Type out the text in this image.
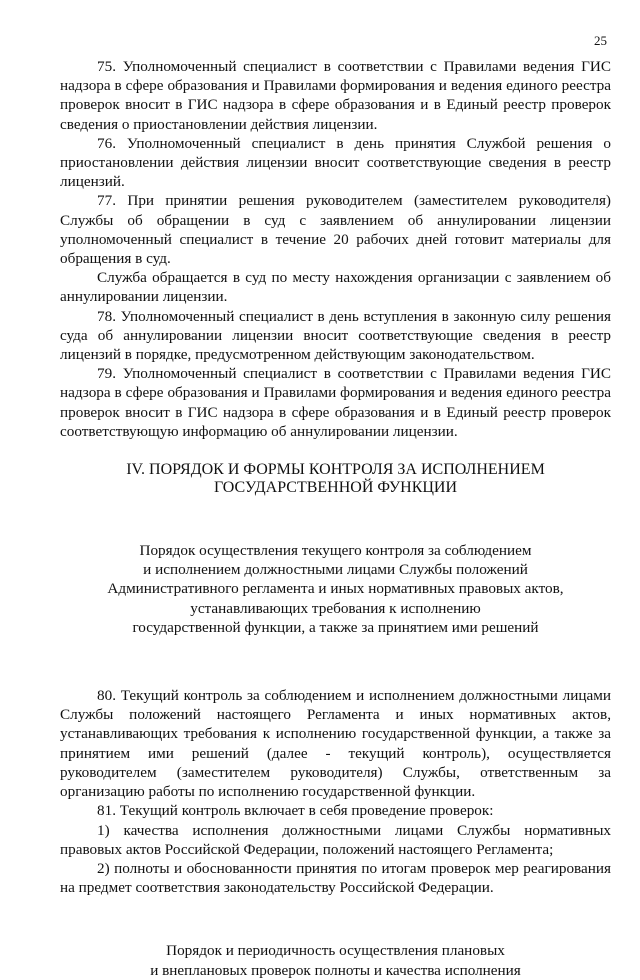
25

75. Уполномоченный специалист в соответствии с Правилами ведения ГИС надзора в сфере образования и Правилами формирования и ведения единого реестра проверок вносит в ГИС надзора в сфере образования и в Единый реестр проверок сведения о приостановлении действия лицензии.

76. Уполномоченный специалист в день принятия Службой решения о приостановлении действия лицензии вносит соответствующие сведения в реестр лицензий.

77. При принятии решения руководителем (заместителем руководителя) Службы об обращении в суд с заявлением об аннулировании лицензии уполномоченный специалист в течение 20 рабочих дней готовит материалы для обращения в суд.

Служба обращается в суд по месту нахождения организации с заявлением об аннулировании лицензии.

78. Уполномоченный специалист в день вступления в законную силу решения суда об аннулировании лицензии вносит соответствующие сведения в реестр лицензий в порядке, предусмотренном действующим законодательством.

79. Уполномоченный специалист в соответствии с Правилами ведения ГИС надзора в сфере образования и Правилами формирования и ведения единого реестра проверок вносит в ГИС надзора в сфере образования и в Единый реестр проверок соответствующую информацию об аннулировании лицензии.

IV. ПОРЯДОК И ФОРМЫ КОНТРОЛЯ ЗА ИСПОЛНЕНИЕМ
ГОСУДАРСТВЕННОЙ ФУНКЦИИ
Порядок осуществления текущего контроля за соблюдением
и исполнением должностными лицами Службы положений
Административного регламента и иных нормативных правовых актов,
устанавливающих требования к исполнению
государственной функции, а также за принятием ими решений

80. Текущий контроль за соблюдением и исполнением должностными лицами Службы положений настоящего Регламента и иных нормативных актов, устанавливающих требования к исполнению государственной функции, а также за принятием ими решений (далее - текущий контроль), осуществляется руководителем (заместителем руководителя) Службы, ответственным за организацию работы по исполнению государственной функции.

81. Текущий контроль включает в себя проведение проверок:

1) качества исполнения должностными лицами Службы нормативных правовых актов Российской Федерации, положений настоящего Регламента;

2) полноты и обоснованности принятия по итогам проверок мер реагирования на предмет соответствия законодательству Российской Федерации.

Порядок и периодичность осуществления плановых
и внеплановых проверок полноты и качества исполнения
